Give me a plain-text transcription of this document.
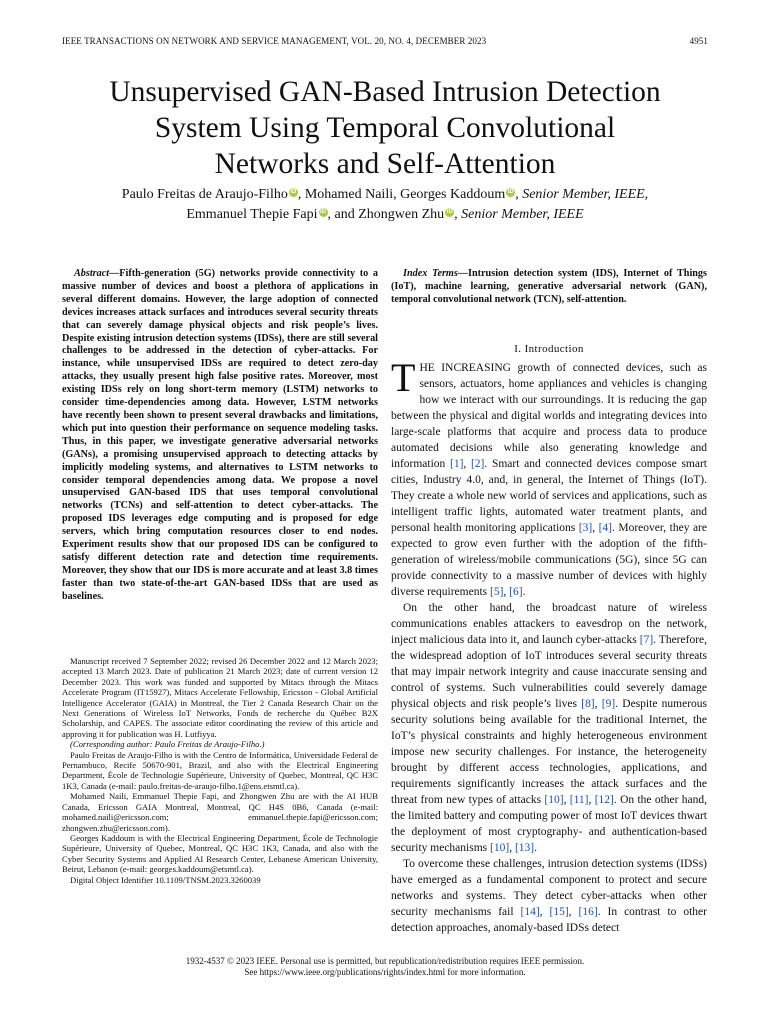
IEEE TRANSACTIONS ON NETWORK AND SERVICE MANAGEMENT, VOL. 20, NO. 4, DECEMBER 2023	4951
Unsupervised GAN-Based Intrusion Detection
System Using Temporal Convolutional
Networks and Self-Attention
Paulo Freitas de Araujo-Filho iD , Mohamed Naili, Georges Kaddoum iD , Senior Member, IEEE,
Emmanuel Thepie Fapi iD , and Zhongwen Zhu iD , Senior Member, IEEE

Abstract—Fifth-generation (5G) networks provide connectivity to a massive number of devices and boost a plethora of applications in several different domains. However, the large adoption of connected devices increases attack surfaces and introduces several security threats that can severely damage physical objects and risk people’s lives. Despite existing intrusion detection systems (IDSs), there are still several challenges to be addressed in the detection of cyber-attacks. For instance, while unsupervised IDSs are required to detect zero-day attacks, they usually present high false positive rates. Moreover, most existing IDSs rely on long short-term memory (LSTM) networks to consider time-dependencies among data. However, LSTM networks have recently been shown to present several drawbacks and limitations, which put into question their performance on sequence modeling tasks. Thus, in this paper, we investigate generative adversarial networks (GANs), a promising unsupervised approach to detecting attacks by implicitly modeling systems, and alternatives to LSTM networks to consider temporal dependencies among data. We propose a novel unsupervised GAN-based IDS that uses temporal convolutional networks (TCNs) and self-attention to detect cyber-attacks. The proposed IDS leverages edge computing and is proposed for edge servers, which bring computation resources closer to end nodes. Experiment results show that our proposed IDS can be configured to satisfy different detection rate and detection time requirements. Moreover, they show that our IDS is more accurate and at least 3.8 times faster than two state-of-the-art GAN-based IDSs that are used as baselines.

Manuscript received 7 September 2022; revised 26 December 2022 and 12 March 2023; accepted 13 March 2023. Date of publication 21 March 2023; date of current version 12 December 2023. This work was funded and supported by Mitacs through the Mitacs Accelerate Program (IT15927), Mitacs Accelerate Fellowship, Ericsson - Global Artificial Intelligence Accelerator (GAIA) in Montreal, the Tier 2 Canada Research Chair on the Next Generations of Wireless IoT Networks, Fonds de recherche du Québec B2X Scholarship, and CAPES. The associate editor coordinating the review of this article and approving it for publication was H. Lutfiyya.

(Corresponding author: Paulo Freitas de Araujo-Filho.)

Paulo Freitas de Araujo-Filho is with the Centro de Informática, Universidade Federal de Pernambuco, Recife 50670-901, Brazil, and also with the Electrical Engineering Department, École de Technologie Supérieure, University of Quebec, Montreal, QC H3C 1K3, Canada (e-mail: paulo.freitas-de-araujo-filho.1@ens.etsmtl.ca).

Mohamed Naili, Emmanuel Thepie Fapi, and Zhongwen Zhu are with the AI HUB Canada, Ericsson GAIA Montreal, Montreal, QC H4S 0B6, Canada (e-mail: mohamed.naili@ericsson.com; emmanuel.thepie.fapi@ericsson.com; zhongwen.zhu@ericsson.com).

Georges Kaddoum is with the Electrical Engineering Department, École de Technologie Supérieure, University of Quebec, Montreal, QC H3C 1K3, Canada, and also with the Cyber Security Systems and Applied AI Research Center, Lebanese American University, Beirut, Lebanon (e-mail: georges.kaddoum@etsmtl.ca).

Digital Object Identifier 10.1109/TNSM.2023.3260039

Index Terms—Intrusion detection system (IDS), Internet of Things (IoT), machine learning, generative adversarial network (GAN), temporal convolutional network (TCN), self-attention.

I. Introduction

THE INCREASING growth of connected devices, such as sensors, actuators, home appliances and vehicles is changing how we interact with our surroundings. It is reducing the gap between the physical and digital worlds and integrating devices into large-scale platforms that acquire and process data to produce automated decisions while also generating knowledge and information [1], [2]. Smart and connected devices compose smart cities, Industry 4.0, and, in general, the Internet of Things (IoT). They create a whole new world of services and applications, such as intelligent traffic lights, automated water treatment plants, and personal health monitoring applications [3], [4]. Moreover, they are expected to grow even further with the adoption of the fifth-generation of wireless/mobile communications (5G), since 5G can provide connectivity to a massive number of devices with highly diverse requirements [5], [6].

On the other hand, the broadcast nature of wireless communications enables attackers to eavesdrop on the network, inject malicious data into it, and launch cyber-attacks [7]. Therefore, the widespread adoption of IoT introduces several security threats that may impair network integrity and cause inaccurate sensing and control of systems. Such vulnerabilities could severely damage physical objects and risk people’s lives [8], [9]. Despite numerous security solutions being available for the traditional Internet, the IoT’s physical constraints and highly heterogeneous environment impose new security challenges. For instance, the heterogeneity brought by different access technologies, applications, and requirements significantly increases the attack surfaces and the threat from new types of attacks [10], [11], [12]. On the other hand, the limited battery and computing power of most IoT devices thwart the deployment of most cryptography- and authentication-based security mechanisms [10], [13].

To overcome these challenges, intrusion detection systems (IDSs) have emerged as a fundamental component to protect and secure networks and systems. They detect cyber-attacks when other security mechanisms fail [14], [15], [16]. In contrast to other detection approaches, anomaly-based IDSs detect

1932-4537 © 2023 IEEE. Personal use is permitted, but republication/redistribution requires IEEE permission.
See https://www.ieee.org/publications/rights/index.html for more information.
